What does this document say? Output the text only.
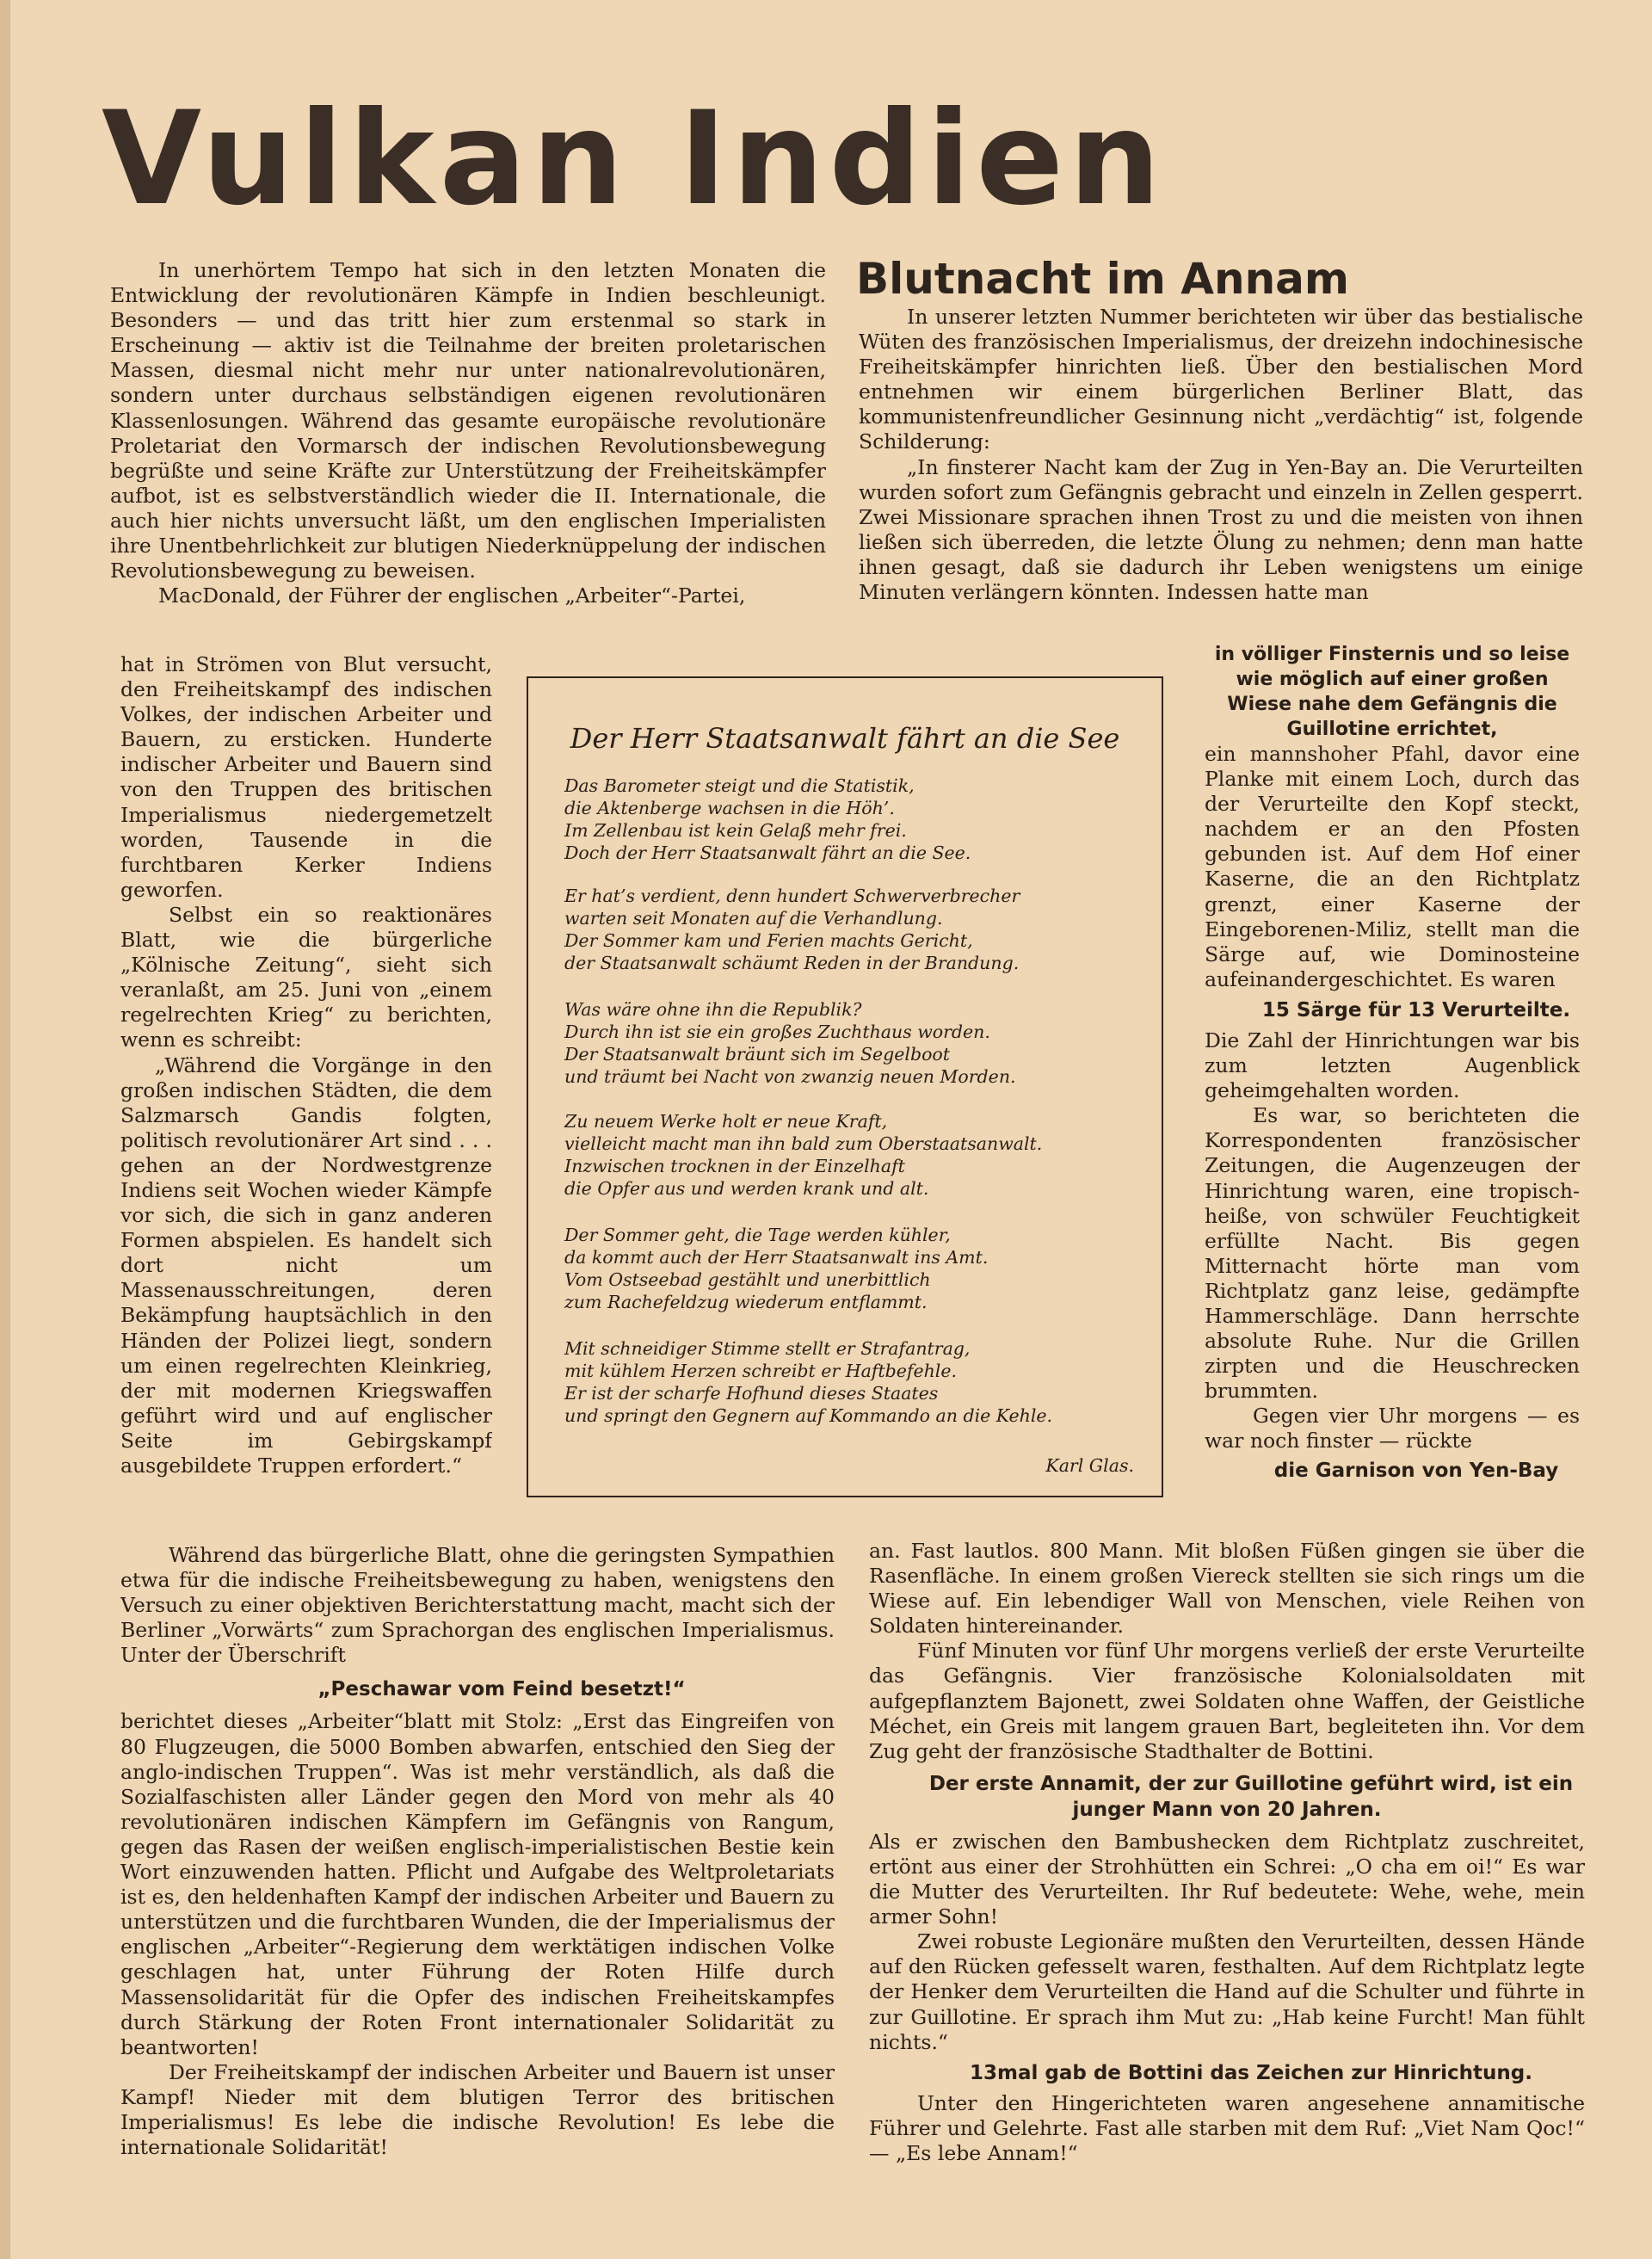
Vulkan Indien

In unerhörtem Tempo hat sich in den letzten Monaten die Entwicklung der revolutionären Kämpfe in Indien beschleunigt. Besonders — und das tritt hier zum erstenmal so stark in Erscheinung — aktiv ist die Teilnahme der breiten proletarischen Massen, diesmal nicht mehr nur unter nationalrevolutionären, sondern unter durchaus selbständigen eigenen revolutionären Klassenlosungen. Während das gesamte europäische revolutionäre Proletariat den Vormarsch der indischen Revolutionsbewegung begrüßte und seine Kräfte zur Unterstützung der Freiheitskämpfer aufbot, ist es selbstverständlich wieder die II. Internationale, die auch hier nichts unversucht läßt, um den englischen Imperialisten ihre Unentbehrlichkeit zur blutigen Niederknüppelung der indischen Revolutionsbewegung zu beweisen.

MacDonald, der Führer der englischen „Arbeiter“-Partei,

hat in Strömen von Blut versucht, den Freiheitskampf des indischen Volkes, der indischen Arbeiter und Bauern, zu ersticken. Hunderte indischer Arbeiter und Bauern sind von den Truppen des britischen Imperialismus niedergemetzelt worden, Tausende in die furchtbaren Kerker Indiens geworfen.

Selbst ein so reaktionäres Blatt, wie die bürgerliche „Kölnische Zeitung“, sieht sich veranlaßt, am 25. Juni von „einem regelrechten Krieg“ zu berichten, wenn es schreibt:

„Während die Vorgänge in den großen indischen Städten, die dem Salzmarsch Gandis folgten, politisch revolutionärer Art sind . . . gehen an der Nordwestgrenze Indiens seit Wochen wieder Kämpfe vor sich, die sich in ganz anderen Formen abspielen. Es handelt sich dort nicht um Massenausschreitungen, deren Bekämpfung hauptsächlich in den Händen der Polizei liegt, sondern um einen regelrechten Kleinkrieg, der mit modernen Kriegswaffen geführt wird und auf englischer Seite im Gebirgskampf ausgebildete Truppen erfordert.“

Während das bürgerliche Blatt, ohne die geringsten Sympathien etwa für die indische Freiheitsbewegung zu haben, wenigstens den Versuch zu einer objektiven Berichterstattung macht, macht sich der Berliner „Vorwärts“ zum Sprachorgan des englischen Imperialismus. Unter der Überschrift

„Peschawar vom Feind besetzt!“

berichtet dieses „Arbeiter“blatt mit Stolz: „Erst das Eingreifen von 80 Flugzeugen, die 5000 Bomben abwarfen, entschied den Sieg der anglo-indischen Truppen“. Was ist mehr verständlich, als daß die Sozialfaschisten aller Länder gegen den Mord von mehr als 40 revolutionären indischen Kämpfern im Gefängnis von Rangum, gegen das Rasen der weißen englisch-imperialistischen Bestie kein Wort einzuwenden hatten. Pflicht und Aufgabe des Weltproletariats ist es, den heldenhaften Kampf der indischen Arbeiter und Bauern zu unterstützen und die furchtbaren Wunden, die der Imperialismus der englischen „Arbeiter“-Regierung dem werktätigen indischen Volke geschlagen hat, unter Führung der Roten Hilfe durch Massensolidarität für die Opfer des indischen Freiheitskampfes durch Stärkung der Roten Front internationaler Solidarität zu beantworten!

Der Freiheitskampf der indischen Arbeiter und Bauern ist unser Kampf! Nieder mit dem blutigen Terror des britischen Imperialismus! Es lebe die indische Revolution! Es lebe die internationale Solidarität!

Blutnacht im Annam

In unserer letzten Nummer berichteten wir über das bestialische Wüten des französischen Imperialismus, der dreizehn indochinesische Freiheitskämpfer hinrichten ließ. Über den bestialischen Mord entnehmen wir einem bürgerlichen Berliner Blatt, das kommunistenfreundlicher Gesinnung nicht „verdächtig“ ist, folgende Schilderung:

„In finsterer Nacht kam der Zug in Yen-Bay an. Die Verurteilten wurden sofort zum Gefängnis gebracht und einzeln in Zellen gesperrt. Zwei Missionare sprachen ihnen Trost zu und die meisten von ihnen ließen sich überreden, die letzte Ölung zu nehmen; denn man hatte ihnen gesagt, daß sie dadurch ihr Leben wenigstens um einige Minuten verlängern könnten. Indessen hatte man

in völliger Finsternis und so leise wie möglich auf einer großen Wiese nahe dem Gefängnis die Guillotine errichtet,

ein mannshoher Pfahl, davor eine Planke mit einem Loch, durch das der Verurteilte den Kopf steckt, nachdem er an den Pfosten gebunden ist. Auf dem Hof einer Kaserne, die an den Richtplatz grenzt, einer Kaserne der Eingeborenen-Miliz, stellt man die Särge auf, wie Dominosteine aufeinandergeschichtet. Es waren

15 Särge für 13 Verurteilte.

Die Zahl der Hinrichtungen war bis zum letzten Augenblick geheimgehalten worden.

Es war, so berichteten die Korrespondenten französischer Zeitungen, die Augenzeugen der Hinrichtung waren, eine tropisch-heiße, von schwüler Feuchtigkeit erfüllte Nacht. Bis gegen Mitternacht hörte man vom Richtplatz ganz leise, gedämpfte Hammerschläge. Dann herrschte absolute Ruhe. Nur die Grillen zirpten und die Heuschrecken brummten.

Gegen vier Uhr morgens — es war noch finster — rückte

die Garnison von Yen-Bay

an. Fast lautlos. 800 Mann. Mit bloßen Füßen gingen sie über die Rasenfläche. In einem großen Viereck stellten sie sich rings um die Wiese auf. Ein lebendiger Wall von Menschen, viele Reihen von Soldaten hintereinander.

Fünf Minuten vor fünf Uhr morgens verließ der erste Verurteilte das Gefängnis. Vier französische Kolonialsoldaten mit aufgepflanztem Bajonett, zwei Soldaten ohne Waffen, der Geistliche Méchet, ein Greis mit langem grauen Bart, begleiteten ihn. Vor dem Zug geht der französische Stadthalter de Bottini.

Der erste Annamit, der zur Guillotine geführt wird, ist ein junger Mann von 20 Jahren.

Als er zwischen den Bambushecken dem Richtplatz zuschreitet, ertönt aus einer der Strohhütten ein Schrei: „O cha em oi!“ Es war die Mutter des Verurteilten. Ihr Ruf bedeutete: Wehe, wehe, mein armer Sohn!

Zwei robuste Legionäre mußten den Verurteilten, dessen Hände auf den Rücken gefesselt waren, festhalten. Auf dem Richtplatz legte der Henker dem Verurteilten die Hand auf die Schulter und führte in zur Guillotine. Er sprach ihm Mut zu: „Hab keine Furcht! Man fühlt nichts.“

13mal gab de Bottini das Zeichen zur Hinrichtung.

Unter den Hingerichteten waren angesehene annamitische Führer und Gelehrte. Fast alle starben mit dem Ruf: „Viet Nam Qoc!“ — „Es lebe Annam!“

Der Herr Staatsanwalt fährt an die See
Das Barometer steigt und die Statistik,
die Aktenberge wachsen in die Höh’.
Im Zellenbau ist kein Gelaß mehr frei.
Doch der Herr Staatsanwalt fährt an die See.
Er hat’s verdient, denn hundert Schwerverbrecher
warten seit Monaten auf die Verhandlung.
Der Sommer kam und Ferien machts Gericht,
der Staatsanwalt schäumt Reden in der Brandung.
Was wäre ohne ihn die Republik?
Durch ihn ist sie ein großes Zuchthaus worden.
Der Staatsanwalt bräunt sich im Segelboot
und träumt bei Nacht von zwanzig neuen Morden.
Zu neuem Werke holt er neue Kraft,
vielleicht macht man ihn bald zum Oberstaatsanwalt.
Inzwischen trocknen in der Einzelhaft
die Opfer aus und werden krank und alt.
Der Sommer geht, die Tage werden kühler,
da kommt auch der Herr Staatsanwalt ins Amt.
Vom Ostseebad gestählt und unerbittlich
zum Rachefeldzug wiederum entflammt.
Mit schneidiger Stimme stellt er Strafantrag,
mit kühlem Herzen schreibt er Haftbefehle.
Er ist der scharfe Hofhund dieses Staates
und springt den Gegnern auf Kommando an die Kehle.
Karl Glas.
